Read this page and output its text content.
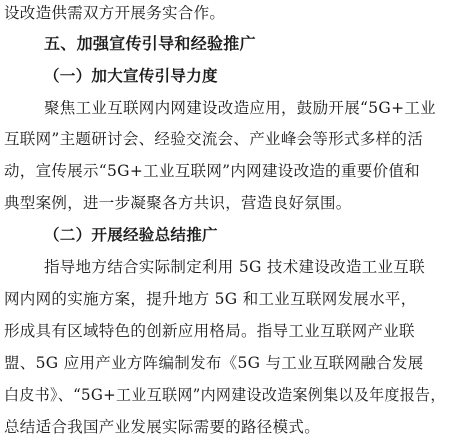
设改造供需双方开展务实合作。
五、加强宣传引导和经验推广
（一）加大宣传引导力度
聚焦工业互联网内网建设改造应用，鼓励开展“5G+工业
互联网”主题研讨会、经验交流会、产业峰会等形式多样的活
动，宣传展示“5G+工业互联网”内网建设改造的重要价值和
典型案例，进一步凝聚各方共识，营造良好氛围。
（二）开展经验总结推广
指导地方结合实际制定利用 5G 技术建设改造工业互联
网内网的实施方案，提升地方 5G 和工业互联网发展水平，
形成具有区域特色的创新应用格局。指导工业互联网产业联
盟、5G 应用产业方阵编制发布《5G 与工业互联网融合发展
白皮书》、“5G+工业互联网”内网建设改造案例集以及年度报告，
总结适合我国产业发展实际需要的路径模式。
